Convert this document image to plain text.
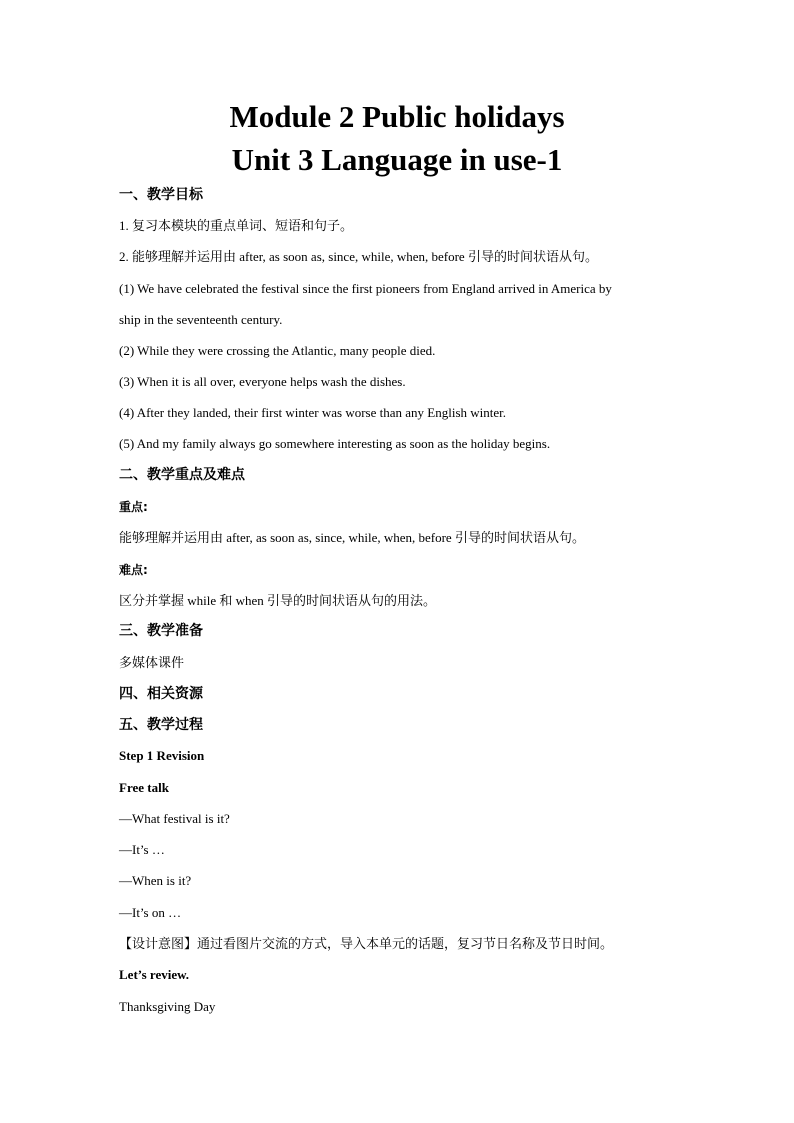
Module 2 Public holidays
Unit 3 Language in use-1
一、教学目标
1. 复习本模块的重点单词、短语和句子。
2. 能够理解并运用由 after, as soon as, since, while, when, before 引导的时间状语从句。
(1) We have celebrated the festival since the first pioneers from England arrived in America by
ship in the seventeenth century.
(2) While they were crossing the Atlantic, many people died.
(3) When it is all over, everyone helps wash the dishes.
(4) After they landed, their first winter was worse than any English winter.
(5) And my family always go somewhere interesting as soon as the holiday begins.
二、教学重点及难点
重点:
能够理解并运用由 after, as soon as, since, while, when, before 引导的时间状语从句。
难点:
区分并掌握 while 和 when 引导的时间状语从句的用法。
三、教学准备
多媒体课件
四、相关资源
五、教学过程
Step 1 Revision
Free talk
—What festival is it?
—It’s …
—When is it?
—It’s on …
【设计意图】通过看图片交流的方式，导入本单元的话题，复习节日名称及节日时间。
Let’s review.
Thanksgiving Day
